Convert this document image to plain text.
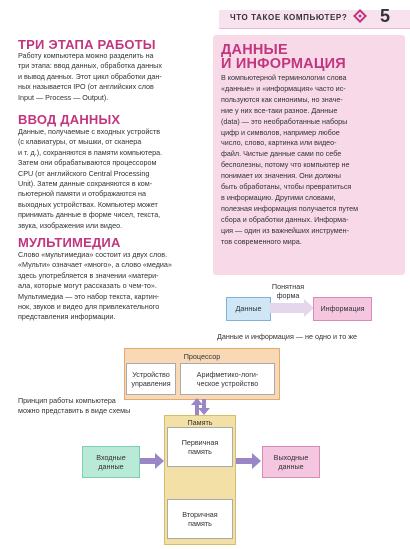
ЧТО ТАКОЕ КОМПЬЮТЕР?	5
ТРИ ЭТАПА РАБОТЫ
Работу компьютера можно разделить на
три этапа: ввод данных, обработка данных
и вывод данных. Этот цикл обработки дан-
ных называется IPO (от английских слов
Input — Process — Output).
ВВОД ДАННЫХ
Данные, получаемые с входных устройств
(с клавиатуры, от мышки, от сканера
и т. д.), сохраняются в памяти компьютера.
Затем они обрабатываются процессором
CPU (от английского Central Processing
Unit). Затем данные сохраняются в ком-
пьютерной памяти и отображаются на
выходных устройствах. Компьютер может
принимать данные в форме чисел, текста,
звука, изображения или видео.
МУЛЬТИМЕДИА
Слово «мультимедиа» состоит из двух слов.
«Мульти» означает «много», а слово «медиа»
здесь употребляется в значении «матери-
ала, которые могут рассказать о чем-то».
Мультимедиа — это набор текста, картин-
нок, звуков и видео для привлекательного
представления информации.
ДАННЫЕ
И ИНФОРМАЦИЯ
В компьютерной терминологии слова
«данные» и «информация» часто ис-
пользуются как синонимы, но значе-
ние у них все-таки разное. Данные
(data) — это необработанные наборы
цифр и символов, например любое
число, слово, картинка или видео-
файл. Чистые данные сами по себе
бесполезны, потому что компьютер не
понимает их значения. Они должны
быть обработаны, чтобы превратиться
в информацию. Другими словами,
полезная информация получается путем
сбора и обработки данных. Информа-
ция — один из важнейших инструмен-
тов современного мира.
Данные
Понятная
форма
Информация
Данные и информация — не одно и то же
Принцип работы компьютера
можно представить в виде схемы
Процессор
Устройство
управления
Арифметико-логи-
ческое устройство
Память
Первичная
память
Вторичная
память
Входные
данные
Выходные
данные
